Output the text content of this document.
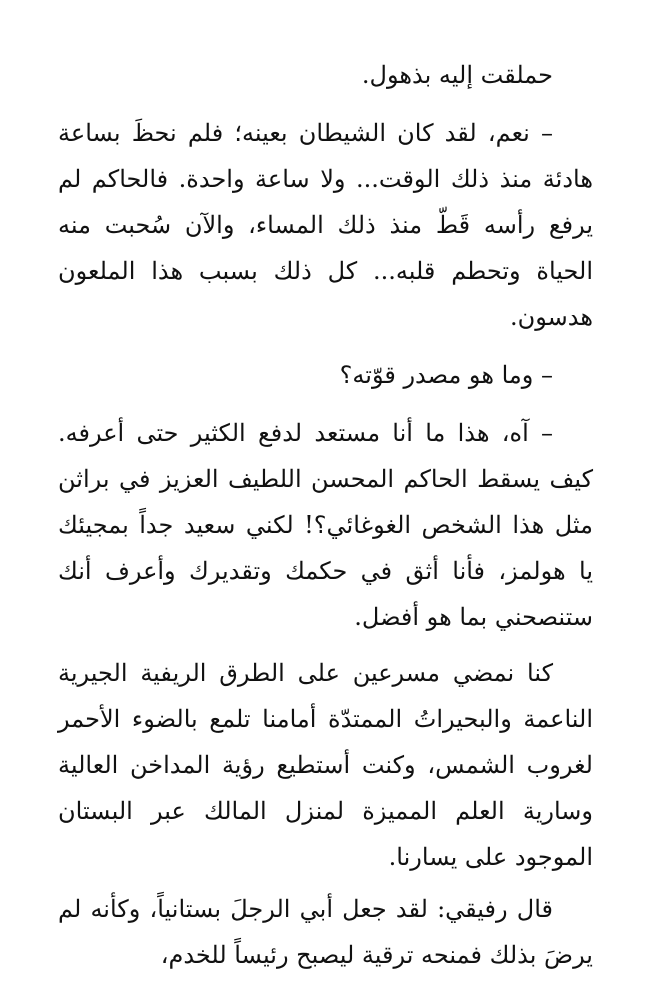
حملقت إليه بذهول.

– نعم، لقد كان الشيطان بعينه؛ فلم نحظَ بساعة هادئة منذ ذلك الوقت... ولا ساعة واحدة. فالحاكم لم يرفع رأسه قَطّ منذ ذلك المساء، والآن سُحبت منه الحياة وتحطم قلبه... كل ذلك بسبب هذا الملعون هدسون.

– وما هو مصدر قوّته؟

– آه، هذا ما أنا مستعد لدفع الكثير حتى أعرفه. كيف يسقط الحاكم المحسن اللطيف العزيز في براثن مثل هذا الشخص الغوغائي؟! لكني سعيد جداً بمجيئك يا هولمز، فأنا أثق في حكمك وتقديرك وأعرف أنك ستنصحني بما هو أفضل.

كنا نمضي مسرعين على الطرق الريفية الجيرية الناعمة والبحيراتُ الممتدّة أمامنا تلمع بالضوء الأحمر لغروب الشمس، وكنت أستطيع رؤية المداخن العالية وسارية العلم المميزة لمنزل المالك عبر البستان الموجود على يسارنا.

قال رفيقي: لقد جعل أبي الرجلَ بستانياً، وكأنه لم يرضَ بذلك فمنحه ترقية ليصبح رئيساً للخدم،
